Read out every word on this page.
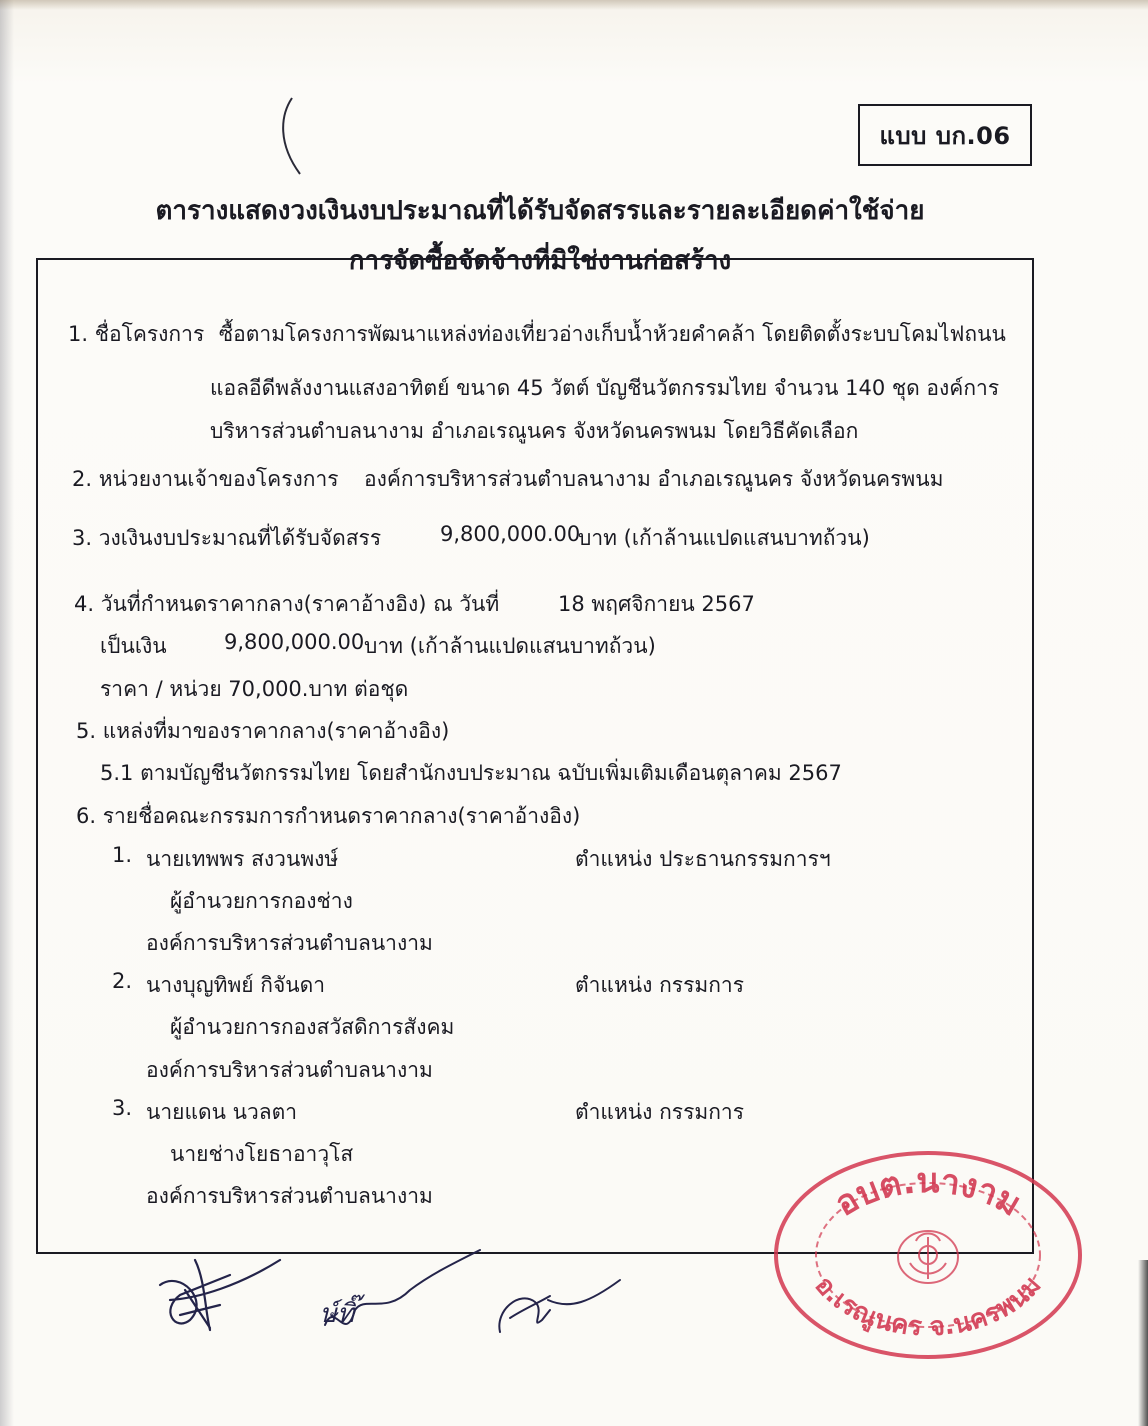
แบบ บก.06
ตารางแสดงวงเงินงบประมาณที่ได้รับจัดสรรและรายละเอียดค่าใช้จ่าย
การจัดซื้อจัดจ้างที่มิใช่งานก่อสร้าง

1. ชื่อโครงการ ซื้อตามโครงการพัฒนาแหล่งท่องเที่ยวอ่างเก็บน้ำห้วยคำคล้า โดยติดตั้งระบบโคมไฟถนน

แอลอีดีพลังงานแสงอาทิตย์ ขนาด 45 วัตต์ บัญชีนวัตกรรมไทย จำนวน 140 ชุด องค์การ

บริหารส่วนตำบลนางาม อำเภอเรณูนคร จังหวัดนครพนม โดยวิธีคัดเลือก

2. หน่วยงานเจ้าของโครงการ องค์การบริหารส่วนตำบลนางาม อำเภอเรณูนคร จังหวัดนครพนม

3. วงเงินงบประมาณที่ได้รับจัดสรร	9,800,000.00

บาท (เก้าล้านแปดแสนบาทถ้วน)

4. วันที่กำหนดราคากลาง(ราคาอ้างอิง) ณ วันที่	18 พฤศจิกายน 2567

เป็นเงิน	9,800,000.00 บาท (เก้าล้านแปดแสนบาทถ้วน)

ราคา / หน่วย 70,000.บาท ต่อชุด

5. แหล่งที่มาของราคากลาง(ราคาอ้างอิง)

5.1 ตามบัญชีนวัตกรรมไทย โดยสำนักงบประมาณ ฉบับเพิ่มเติมเดือนตุลาคม 2567

6. รายชื่อคณะกรรมการกำหนดราคากลาง(ราคาอ้างอิง)

1. นายเทพพร สงวนพงษ์	ตำแหน่ง ประธานกรรมการฯ

ผู้อำนวยการกองช่าง

องค์การบริหารส่วนตำบลนางาม

2. นางบุญทิพย์ กิจันดา	ตำแหน่ง กรรมการ

ผู้อำนวยการกองสวัสดิการสังคม

องค์การบริหารส่วนตำบลนางาม

3. นายแดน นวลตา	ตำแหน่ง กรรมการ

นายช่างโยธาอาวุโส

องค์การบริหารส่วนตำบลนางาม

ษ์ทิ๊
อบต.นางาม
อ.เรณูนคร จ.นครพนม
